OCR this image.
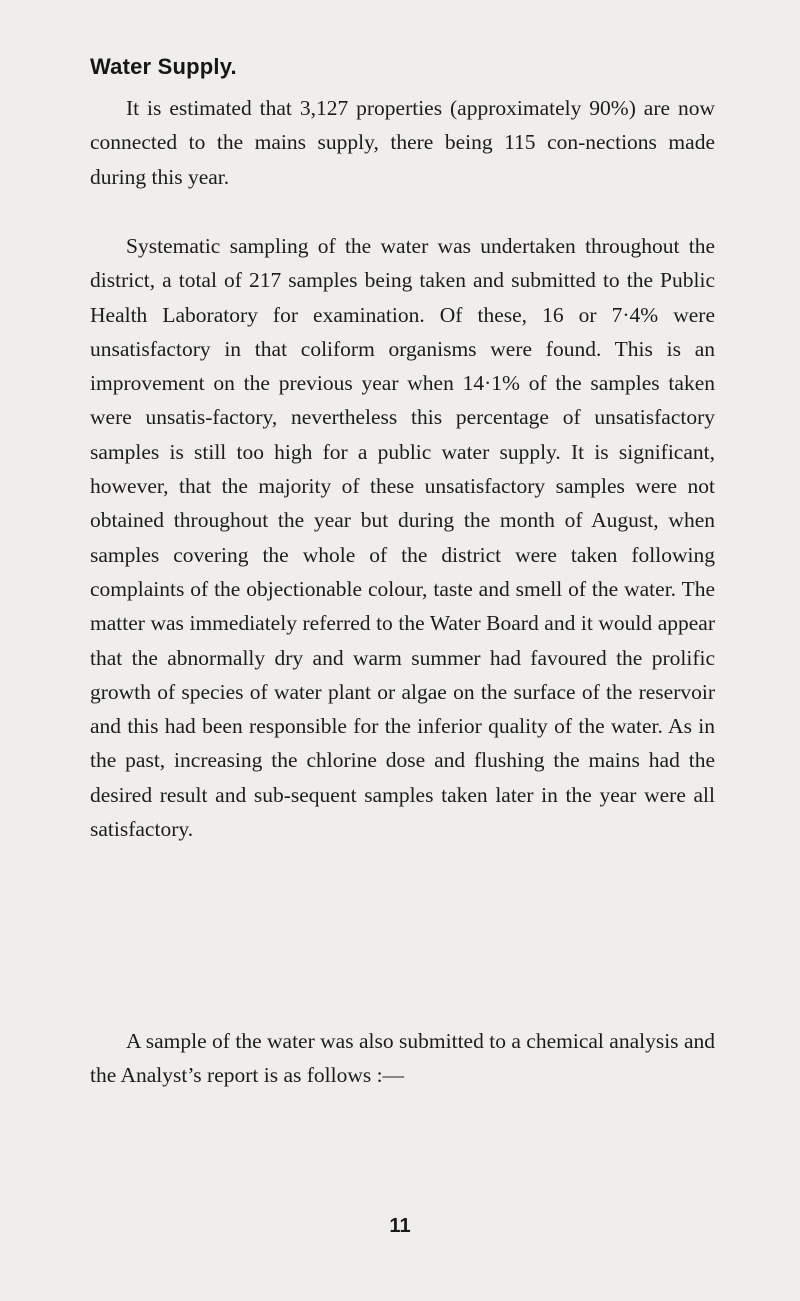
Water Supply.

It is estimated that 3,127 properties (approximately 90%) are now connected to the mains supply, there being 115 con-nections made during this year.

Systematic sampling of the water was undertaken throughout the district, a total of 217 samples being taken and submitted to the Public Health Laboratory for examination. Of these, 16 or 7·4% were unsatisfactory in that coliform organisms were found. This is an improvement on the previous year when 14·1% of the samples taken were unsatis-factory, nevertheless this percentage of unsatisfactory samples is still too high for a public water supply. It is significant, however, that the majority of these unsatisfactory samples were not obtained throughout the year but during the month of August, when samples covering the whole of the district were taken following complaints of the objectionable colour, taste and smell of the water. The matter was immediately referred to the Water Board and it would appear that the abnormally dry and warm summer had favoured the prolific growth of species of water plant or algae on the surface of the reservoir and this had been responsible for the inferior quality of the water. As in the past, increasing the chlorine dose and flushing the mains had the desired result and sub-sequent samples taken later in the year were all satisfactory.

A sample of the water was also submitted to a chemical analysis and the Analyst’s report is as follows :—

11
